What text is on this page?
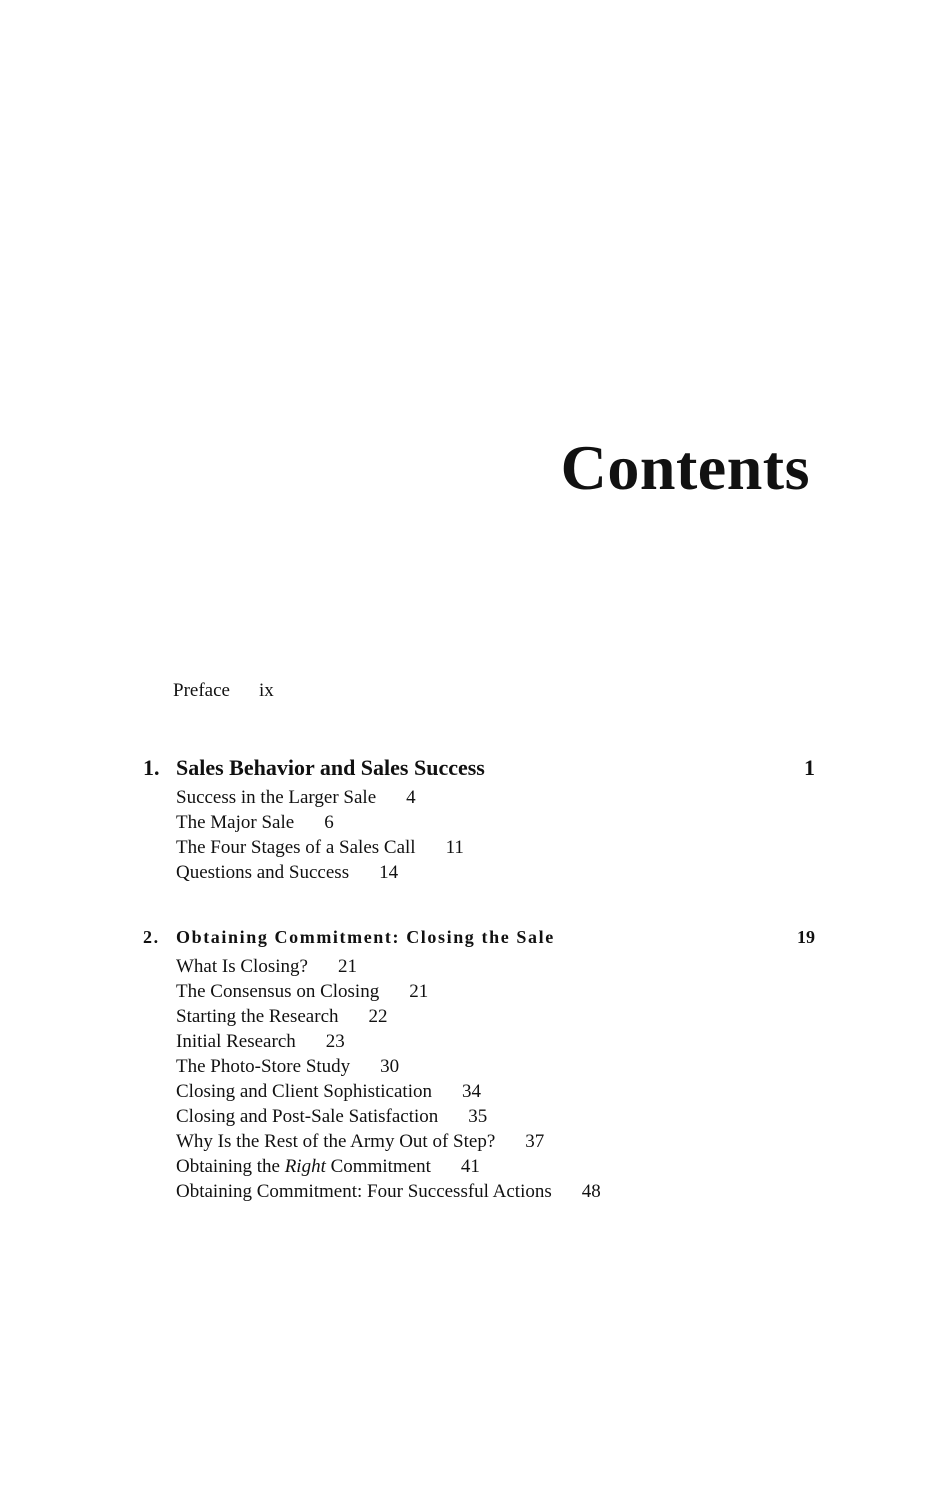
Contents
Preface ix
1. Sales Behavior and Sales Success	1
Success in the Larger Sale 4
The Major Sale 6
The Four Stages of a Sales Call 11
Questions and Success 14
2. Obtaining Commitment: Closing the Sale	19
What Is Closing? 21
The Consensus on Closing 21
Starting the Research 22
Initial Research 23
The Photo-Store Study 30
Closing and Client Sophistication 34
Closing and Post-Sale Satisfaction 35
Why Is the Rest of the Army Out of Step? 37
Obtaining the Right Commitment 41
Obtaining Commitment: Four Successful Actions 48
